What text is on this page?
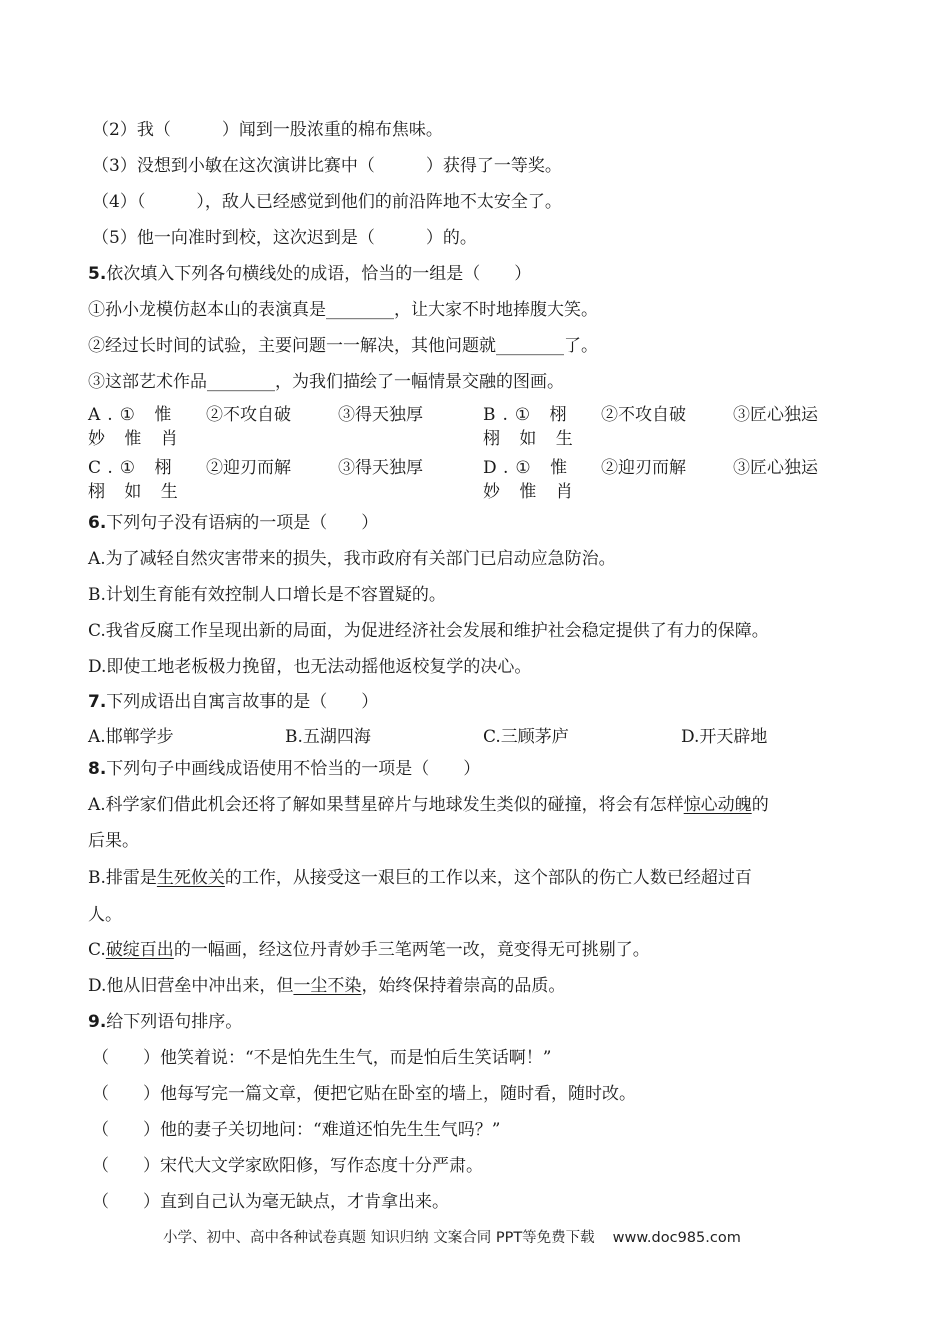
（2）我（　　　）闻到一股浓重的棉布焦味。
（3）没想到小敏在这次演讲比赛中（　　　）获得了一等奖。
（4）（　　　），敌人已经感觉到他们的前沿阵地不太安全了。
（5）他一向准时到校，这次迟到是（　　　）的。
5.依次填入下列各句横线处的成语，恰当的一组是（　　）
①孙小龙模仿赵本山的表演真是________，让大家不时地捧腹大笑。
②经过长时间的试验，主要问题一一解决，其他问题就________了。
③这部艺术作品________，为我们描绘了一幅情景交融的图画。
A.① 惟 妙 惟 肖②不攻自破	③得天独厚	B.① 栩 栩 如 生②不攻自破	③匠心独运
C.① 栩 栩 如 生②迎刃而解	③得天独厚	D.① 惟 妙 惟 肖②迎刃而解	③匠心独运
6.下列句子没有语病的一项是（　　）
A.为了减轻自然灾害带来的损失，我市政府有关部门已启动应急防治。
B.计划生育能有效控制人口增长是不容置疑的。
C.我省反腐工作呈现出新的局面，为促进经济社会发展和维护社会稳定提供了有力的保障。
D.即使工地老板极力挽留，也无法动摇他返校复学的决心。
7.下列成语出自寓言故事的是（　　）
A.邯郸学步	B.五湖四海	C.三顾茅庐	D.开天辟地
8.下列句子中画线成语使用不恰当的一项是（　　）
A.科学家们借此机会还将了解如果彗星碎片与地球发生类似的碰撞，将会有怎样惊心动魄的
后果。
B.排雷是生死攸关的工作，从接受这一艰巨的工作以来，这个部队的伤亡人数已经超过百
人。
C.破绽百出的一幅画，经这位丹青妙手三笔两笔一改，竟变得无可挑剔了。
D.他从旧营垒中冲出来，但一尘不染，始终保持着崇高的品质。
9.给下列语句排序。
（　　）他笑着说：“不是怕先生生气，而是怕后生笑话啊！”
（　　）他每写完一篇文章，便把它贴在卧室的墙上，随时看，随时改。
（　　）他的妻子关切地问：“难道还怕先生生气吗？”
（　　）宋代大文学家欧阳修，写作态度十分严肃。
（　　）直到自己认为毫无缺点，才肯拿出来。
小学、初中、高中各种试卷真题 知识归纳 文案合同 PPT等免费下载 www.doc985.com
